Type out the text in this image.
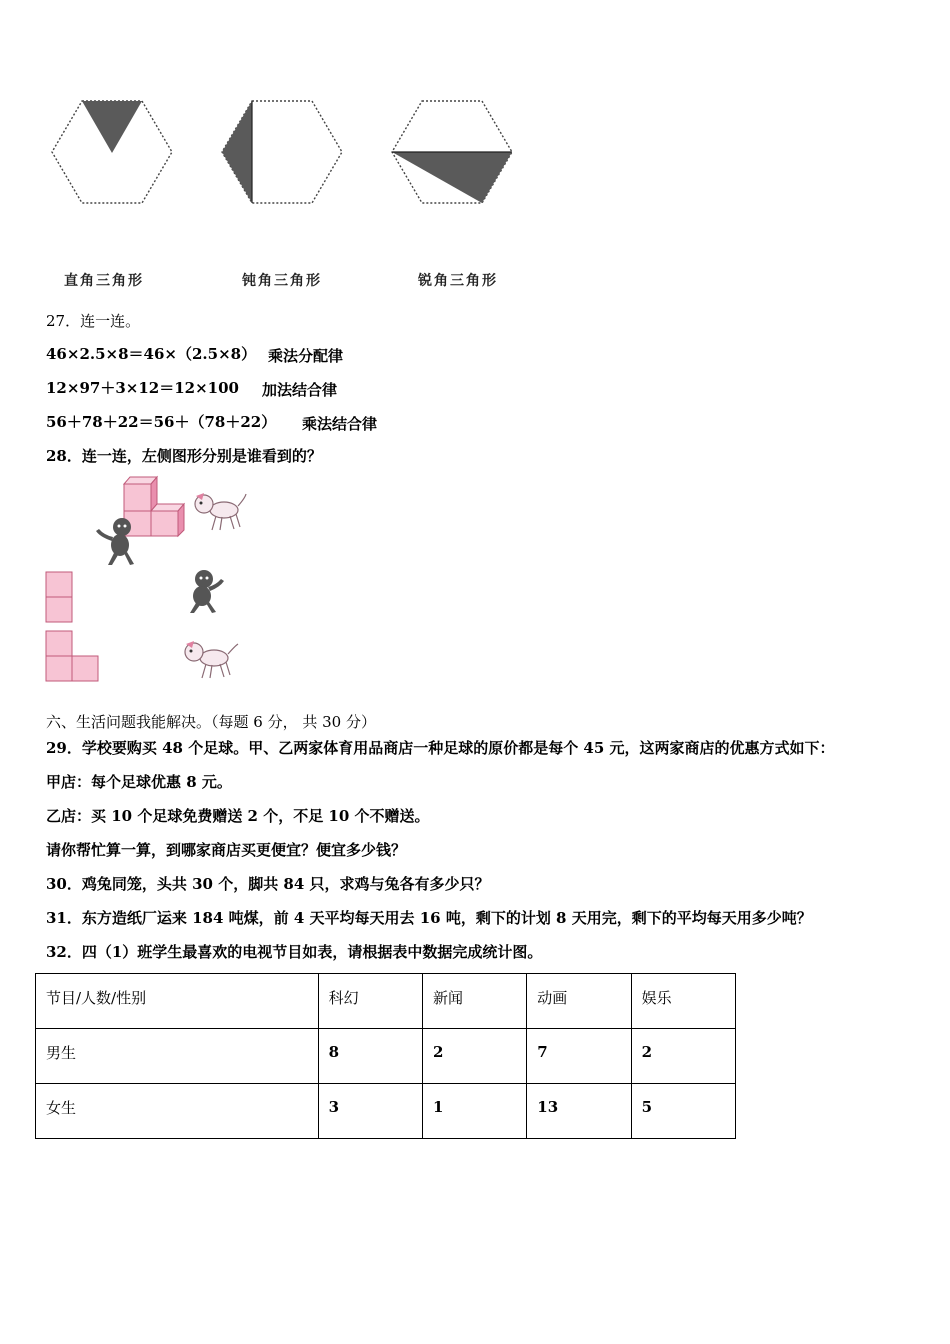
直角三角形	钝角三角形	锐角三角形
27．连一连。
46×2.5×8＝46×（2.5×8） 乘法分配律
12×97＋3×12＝12×100 加法结合律
56＋78＋22＝56＋（78＋22） 乘法结合律
28．连一连，左侧图形分别是谁看到的？
六、生活问题我能解决。（每题 6 分， 共 30 分）
29．学校要购买 48 个足球。甲、乙两家体育用品商店一种足球的原价都是每个 45 元，这两家商店的优惠方式如下：
甲店：每个足球优惠 8 元。
乙店：买 10 个足球免费赠送 2 个，不足 10 个不赠送。
请你帮忙算一算，到哪家商店买更便宜？便宜多少钱？
30．鸡兔同笼，头共 30 个，脚共 84 只，求鸡与兔各有多少只？
31．东方造纸厂运来 184 吨煤，前 4 天平均每天用去 16 吨，剩下的计划 8 天用完，剩下的平均每天用多少吨？
32．四（1）班学生最喜欢的电视节目如表，请根据表中数据完成统计图。
节目/人数/性别	科幻	新闻	动画	娱乐
男生	8	2	7	2
女生	3	1	13	5
